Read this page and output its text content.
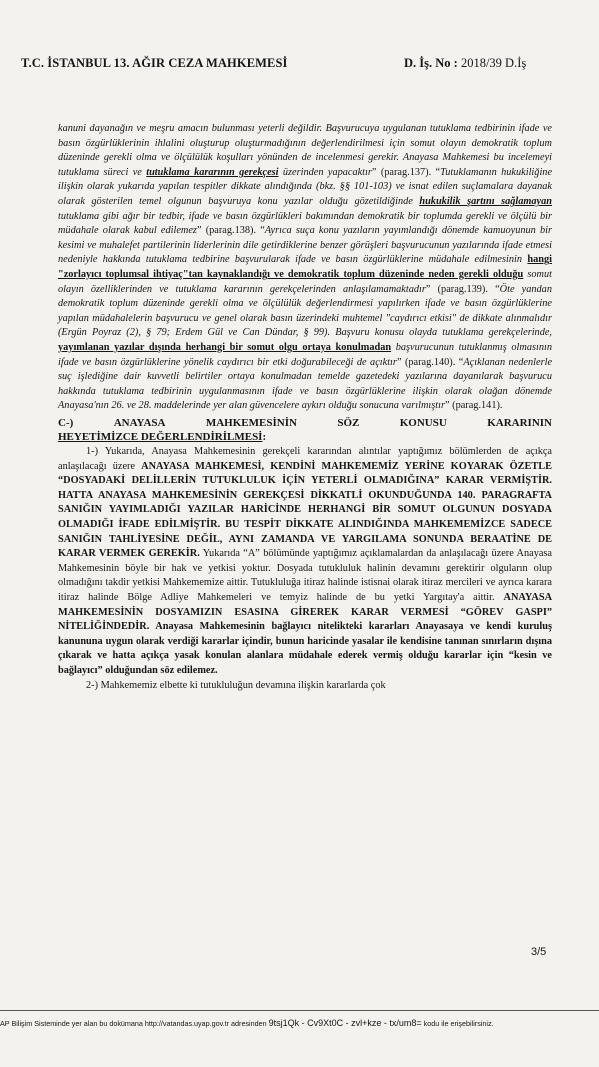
T.C. İSTANBUL 13. AĞIR CEZA MAHKEMESİ	D. İş. No : 2018/39 D.İş

kanuni dayanağın ve meşru amacın bulunması yeterli değildir. Başvurucuya uygulanan tutuklama tedbirinin ifade ve basın özgürlüklerinin ihlalini oluşturup oluşturmadığının değerlendirilmesi için somut olayın demokratik toplum düzeninde gerekli olma ve ölçülülük koşulları yönünden de incelenmesi gerekir. Anayasa Mahkemesi bu incelemeyi tutuklama süreci ve tutuklama kararının gerekçesi üzerinden yapacaktır” (parag.137). “Tutuklamanın hukukiliğine ilişkin olarak yukarıda yapılan tespitler dikkate alındığında (bkz. §§ 101-103) ve isnat edilen suçlamalara dayanak olarak gösterilen temel olgunun başvuruya konu yazılar olduğu gözetildiğinde hukukilik şartını sağlamayan tutuklama gibi ağır bir tedbir, ifade ve basın özgürlükleri bakımından demokratik bir toplumda gerekli ve ölçülü bir müdahale olarak kabul edilemez” (parag.138). “Ayrıca suça konu yazıların yayımlandığı dönemde kamuoyunun bir kesimi ve muhalefet partilerinin liderlerinin dile getirdiklerine benzer görüşleri başvurucunun yazılarında ifade etmesi nedeniyle hakkında tutuklama tedbirine başvurularak ifade ve basın özgürlüklerine müdahale edilmesinin hangi "zorlayıcı toplumsal ihtiyaç"tan kaynaklandığı ve demokratik toplum düzeninde neden gerekli olduğu somut olayın özelliklerinden ve tutuklama kararının gerekçelerinden anlaşılamamaktadır” (parag.139). “Öte yandan demokratik toplum düzeninde gerekli olma ve ölçülülük değerlendirmesi yapılırken ifade ve basın özgürlüklerine yapılan müdahalelerin başvurucu ve genel olarak basın üzerindeki muhtemel "caydırıcı etkisi" de dikkate alınmalıdır (Ergün Poyraz (2), § 79; Erdem Gül ve Can Dündar, § 99). Başvuru konusu olayda tutuklama gerekçelerinde, yayımlanan yazılar dışında herhangi bir somut olgu ortaya konulmadan başvurucunun tutuklanmış olmasının ifade ve basın özgürlüklerine yönelik caydırıcı bir etki doğurabileceği de açıktır” (parag.140). “Açıklanan nedenlerle suç işlediğine dair kuvvetli belirtiler ortaya konulmadan temelde gazetedeki yazılarına dayanılarak başvurucu hakkında tutuklama tedbirinin uygulanmasının ifade ve basın özgürlüklerine ilişkin olarak olağan dönemde Anayasa'nın 26. ve 28. maddelerinde yer alan güvencelere aykırı olduğu sonucuna varılmıştır” (parag.141).

C-)	ANAYASA	MAHKEMESİNİN	SÖZ	KONUSU	KARARININ
HEYETİMİZCE DEĞERLENDİRİLMESİ:

1-) Yukarıda, Anayasa Mahkemesinin gerekçeli kararından alıntılar yaptığımız bölümlerden de açıkça anlaşılacağı üzere ANAYASA MAHKEMESİ, KENDİNİ MAHKEMEMİZ YERİNE KOYARAK ÖZETLE “DOSYADAKİ DELİLLERİN TUTUKLULUK İÇİN YETERLİ OLMADIĞINA” KARAR VERMİŞTİR. HATTA ANAYASA MAHKEMESİNİN GEREKÇESİ DİKKATLİ OKUNDUĞUNDA 140. PARAGRAFTA SANIĞIN YAYIMLADIĞI YAZILAR HARİCİNDE HERHANGİ BİR SOMUT OLGUNUN DOSYADA OLMADIĞI İFADE EDİLMİŞTİR. BU TESPİT DİKKATE ALINDIĞINDA MAHKEMEMİZCE SADECE SANIĞIN TAHLİYESİNE DEĞİL, AYNI ZAMANDA VE YARGILAMA SONUNDA BERAATİNE DE KARAR VERMEK GEREKİR. Yukarıda “A” bölümünde yaptığımız açıklamalardan da anlaşılacağı üzere Anayasa Mahkemesinin böyle bir hak ve yetkisi yoktur. Dosyada tutukluluk halinin devamını gerektirir olguların olup olmadığını takdir yetkisi Mahkememize aittir. Tutukluluğa itiraz halinde istisnai olarak itiraz mercileri ve ayrıca karara itiraz halinde Bölge Adliye Mahkemeleri ve temyiz halinde de bu yetki Yargıtay'a aittir. ANAYASA MAHKEMESİNİN DOSYAMIZIN ESASINA GİREREK KARAR VERMESİ “GÖREV GASPI” NİTELİĞİNDEDİR. Anayasa Mahkemesinin bağlayıcı nitelikteki kararları Anayasaya ve kendi kuruluş kanununa uygun olarak verdiği kararlar içindir, bunun haricinde yasalar ile kendisine tanınan sınırların dışına çıkarak ve hatta açıkça yasak konulan alanlara müdahale ederek vermiş olduğu kararlar için “kesin ve bağlayıcı” olduğundan söz edilemez.

2-) Mahkememiz elbette ki tutukluluğun devamına ilişkin kararlarda çok

3/5
AP Bilişim Sisteminde yer alan bu dokümana http://vatandas.uyap.gov.tr adresinden 9tsj1Qk - Cv9Xt0C - zvl+kze - tx/um8= kodu ile erişebilirsiniz.
